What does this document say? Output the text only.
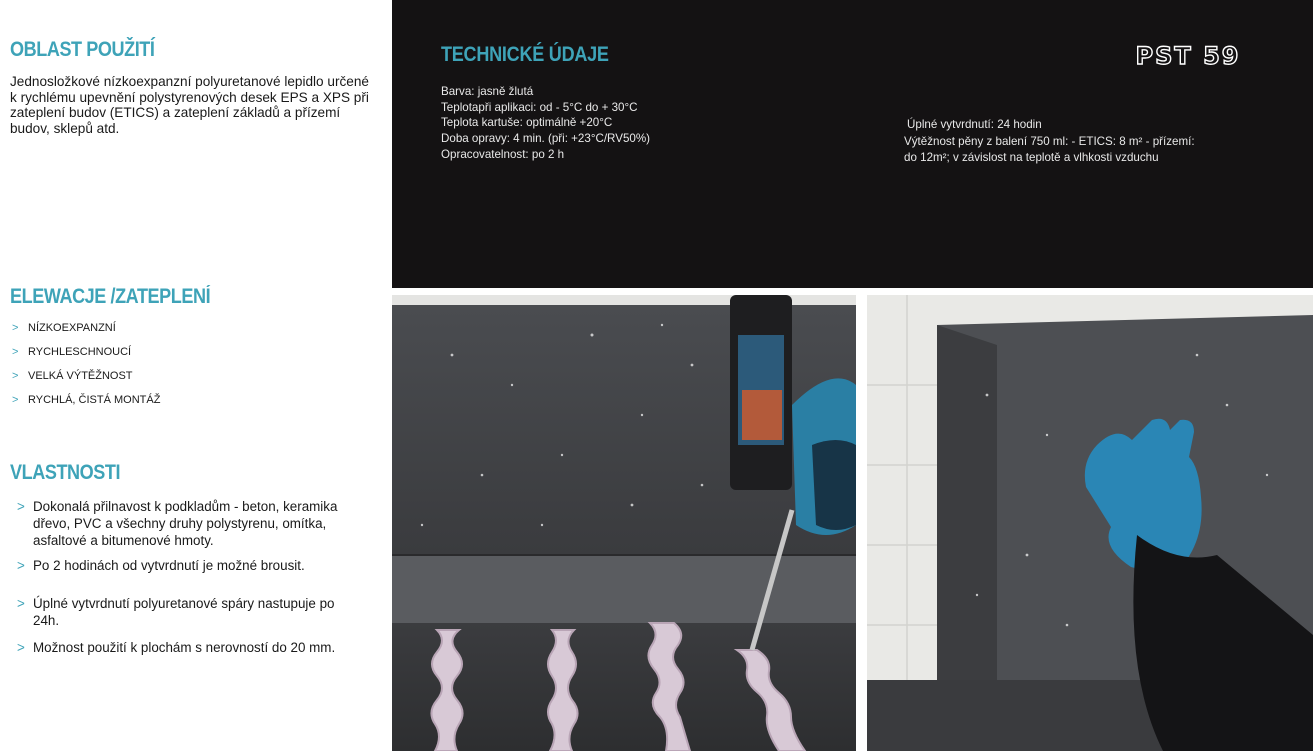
OBLAST POUŽITÍ
Jednosložkové nízkoexpanzní polyuretanové lepidlo určené k rychlému upevnění polystyrenových desek EPS a XPS při zateplení budov (ETICS) a zateplení základů a přízemí budov, sklepů atd.
ELEWACJE /ZATEPLENÍ
> NÍZKOEXPANZNÍ
> RYCHLESCHNOUCÍ
> VELKÁ VÝTĚŽNOST
> RYCHLÁ, ČISTÁ MONTÁŽ
VLASTNOSTI
> Dokonalá přilnavost k podkladům - beton, keramika dřevo, PVC a všechny druhy polystyrenu, omítka, asfaltové a bitumenové hmoty.
> Po 2 hodinách od vytvrdnutí je možné brousit.
> Úplné vytvrdnutí polyuretanové spáry nastupuje po 24h.
> Možnost použití k plochám s nerovností do 20 mm.
TECHNICKÉ ÚDAJE
Barva: jasně žlutá
Teplotapři aplikaci: od - 5°C do + 30°C
Teplota kartuše: optimálně +20°C
Doba opravy: 4 min. (při: +23°C/RV50%)
Opracovatelnost: po 2 h
Úplné vytvrdnutí: 24 hodin
Výtěžnost pěny z balení 750 ml: - ETICS: 8 m² - přízemí:
do 12m²; v závislost na teplotě a vlhkosti vzduchu
PST 59
